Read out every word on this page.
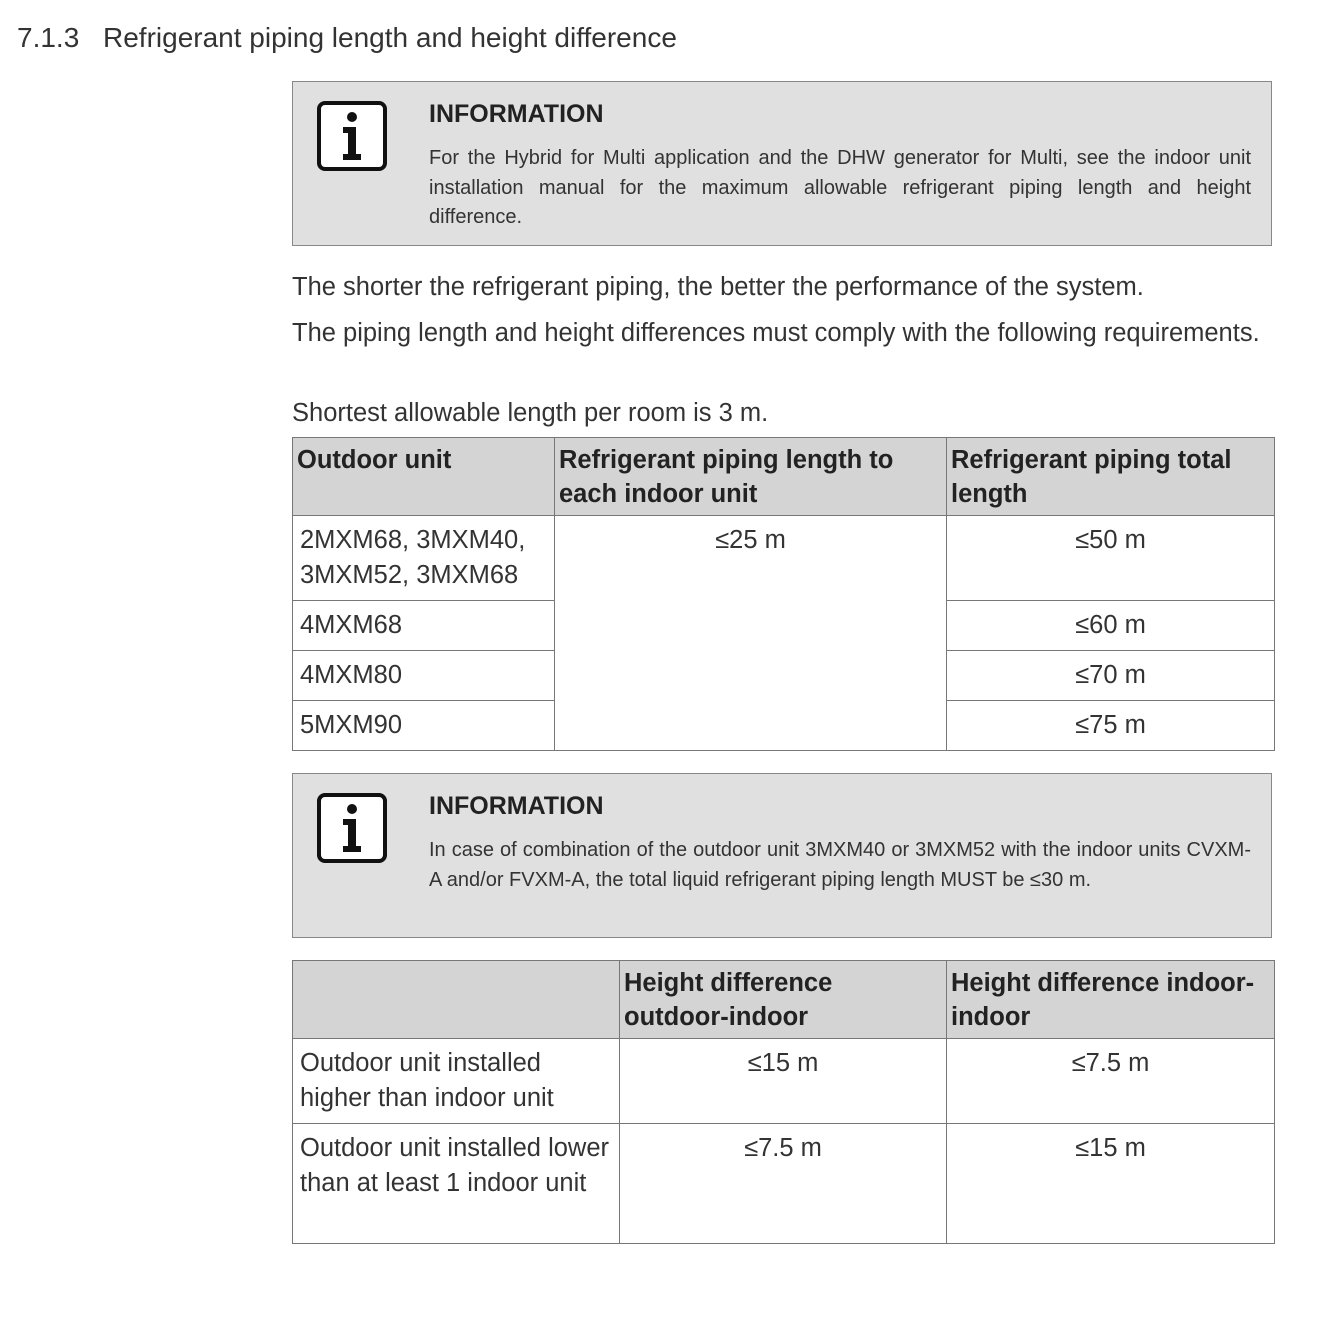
7.1.3 Refrigerant piping length and height difference
INFORMATION
For the Hybrid for Multi application and the DHW generator for Multi, see the indoor unit installation manual for the maximum allowable refrigerant piping length and height difference.
The shorter the refrigerant piping, the better the performance of the system.
The piping length and height differences must comply with the following requirements.
Shortest allowable length per room is 3 m.
Outdoor unit	Refrigerant piping length to each indoor unit	Refrigerant piping total length
2MXM68, 3MXM40, 3MXM52, 3MXM68	≤25 m	≤50 m
4MXM68		≤60 m
4MXM80		≤70 m
5MXM90		≤75 m
INFORMATION
In case of combination of the outdoor unit 3MXM40 or 3MXM52 with the indoor units CVXM-A and/or FVXM-A, the total liquid refrigerant piping length MUST be ≤30 m.
	Height difference outdoor-indoor	Height difference indoor-indoor
Outdoor unit installed higher than indoor unit	≤15 m	≤7.5 m
Outdoor unit installed lower than at least 1 indoor unit	≤7.5 m	≤15 m
